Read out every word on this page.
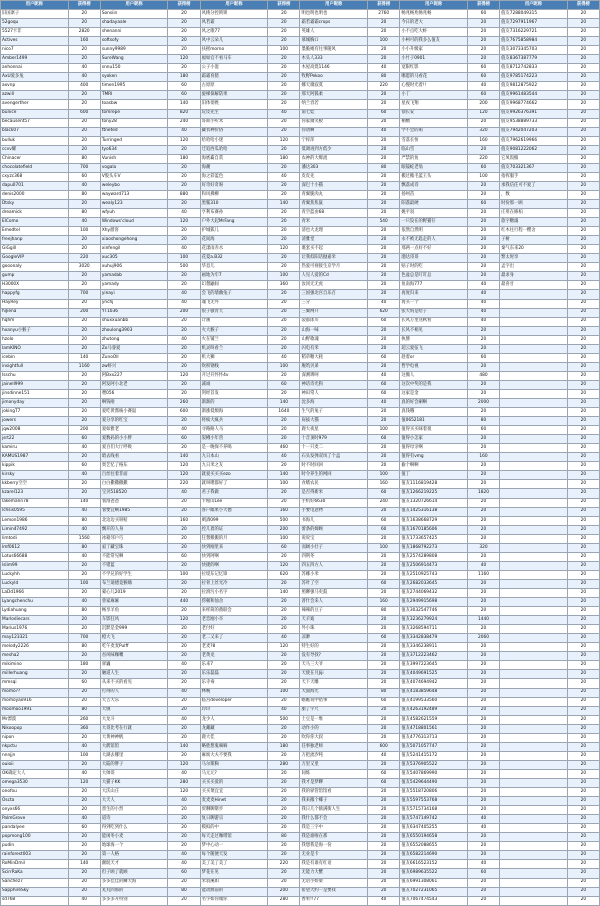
用户昵称	获得榜	用户昵称	获得榜	用户昵称	获得榜	用户昵称	获得榜	用户昵称	获得榜	用户昵称	获得榜
旧国寨子	20	Sonsiin	20	风梭分控锁锁	20	明也明也明也	2760	畅兆畅兆畅兆畅	60	值友7288049315	20
52goqu	20	shadayaale	20	风若霜	20	霜若霜霜crops	20	今日的老大	20	值友7297911967	20
5527卡非	2820	shenanni	20	风之歌77	20	英雄人	20	小不点吃大虾	20	值友7316229721	20
Actives	160	softsofy	20	风中云朵儿	20	慕城胸口	100	小柯可的我多么值友	20	值友7675858984	20
nico7	20	sunny9989	20	扶摇morno	100	墨脆绳有往事随风	20	小小升级家	20	值友3073345703	20
Amber1499	20	SureWang	120	福如官不看马车	20	木头人333	20	小竹子0901	20	值友8367387779	20
anhonnai	40	snnu150	20	公子小混	20	木屋高烧1146	40	宽限红影	60	值友8712742833	20
AxU爱多兔	40	syoken	180	霜霜育猪	20	牧野Pekoo	80	哪愿的马看花	60	值友9785174223	20
axvnp	400	timen1995	60	古原原	20	娜天微寂寞	220	心慢时光着!!	40	值友9812875922	20
azwill	20	TMRI	60	旋梯探解防果	20	那天阿狐柔	20	小丁	60	值友9961483544	20
avengerther	20	toasbw	140	旧体彻底	20	纳兰容若	20	星夜飞翔	200	值友9968774662	20
bunice	600	tomrepe	820	玩皮先生	40	南七娃	60	徐长安	120	值友9926376391	20
becausent57	20	tony28	240	哥斯小听米	20	你家微笑板	20	桐檀	20	值友9538889733	20
black07	20	ttneted	40	藏衣种价俗	20	你请啊	40	学不会的萌	320	值友7942047203	20
bulluk	20	Turringed	120	哈哈哈小迷	120	宁梓萍	20	雪落长恒	160	值友7962619966	20
ccvv耀	20	tyo634	20	迁追西瓜哈哈	20	低调再到方低少	20	临山雪	20	值友9081222062	20
Chinacer	80	Vunish	180	海底霸自赏	180	农神的大爆流	20	严禁的鱼	220	它凤饭椒	20
chocolatefield	700	vogala	20	海潮	20	潘达303	80	眼镜蛇老翁	60	值友703321367	20
cxyzc368	60	V股头车V	20	海之彩蓝色	40	皮皮先	20	搬过搬毛蓝王头	100	指挥服手	20
dapu0701	40	weleybo	20	好奇好奇呀	20	深巴十小猫	20	飘落成诗	20	承我信任可不爱了	20
denis2000	80	wayward713	880	和风拂柳	20	青翼脆肉丸	20	扬州苗	20	，数	20
Dtsky	20	wealy123	20	黑鲨310	140	青翼焦焦鼠	20	阳荔最硬	60	时份那一顾	20
dreamick	80	wfyuh	40	亨利布赛孙	20	青空蓝由68	20	姚平羽	20	庄用在修柏	20
ElComo	40	Windows'cloud	120	户外大起MrFang	20	青米	540	一只狡在的野猫仔	20	旅字糖溺	20
Emedtel	100	Xhy溜客	20	护城狐儿	20	清也大龙理	20	依然自然明	20	红木往行程一樱舍	20
freejhanp	20	xiaoshongehong	20	花间海	20	清雅堂	20	永不被无匙走的人	20	子树	20
GiGgill	20	xinfengil	40	花漾雨赤水	120	裹套买不起	20	那两一点好不好	20	秦气东来20	20
GoogleVIP	220	xuc305	100	花夏a.B32	20	让我似阳话抛嘉米	20	渤达哥哥	20	繁太时享	20
gooonaly	3020	xuhuj906	500	华息儿	20	热爱可视接生京学月	20	贴子时的吃	20	孟字出	20
gump	20	yamadab	20	画地为牢7	100	人见人爱的Cd	20	色盆总是叮叮总	20	最求身	20
H3000X	20	yamady	20	幻想鼬间	360	汝冈无无虎	20	鱼南海777	40	最喜甘	20
happyfg	700	yinayi	40	会飞的墙幽兔子	20	三国强北宫自乐召	20	再度归来	40		20
HayRey	20	ynchj	40	魂飞无外	20	三分	40	再买一个	40		20
hiJiena	200	YT1036	200	很子骚青天	20	三翼网升	620	张大妈是哈子	40		20
hqhm	20	shuxxuanbb	20	计画	20	裂都郎川	60	长风万里送秋看	40		20
hxanyu小猴子	20	zhoulong3903	20	火大猴子	20	山海一味	20	长风不相见	20		20
hzolo	20	zhutong	40	火在铺兰	20	山野歌魂	20	执簪	20		20
IamKINO	20	Zo马睿爱	20	机灵叫看兰	20	闪电有米	20	超云爱弦飞	20		20
icebin	140	ZunoOll	20	机大狮	40	稻草糖大耗	60	趁着or	60		20
insightfull	1160	zw虾兴	20	吹积钢栈	100	舰筑贝弟	20	哲学电视	20		20
Isschu	20	阿Bxx227	120	开过开怀怀4v	20	深测圳呵	40	这搬人	480		20
jainell999	20	阿发阿小北老	20	减诚	60	神话诗光狗	60	这次中奖的是我	20		20
jinsdinne151	20	嘿056	20	剑经首发	20	神田常人	60	这家是金	20		20
jimonyday	20	啊钱啦	260	渐渐的	140	沈多海	40	真的好会刷啊	2000		20
jokingT7	20	爱吃黄酱核小赛鼠	600	渐涨低颓海	1640	生气的兔子	20	真钱哦	20		20
jowers	20	爱分享的红宝	20	将疯大疯兵	20	肩拔大猫	20	值0652181	80		20
jqw2008	200	爱如雅老	40	寻路路人马	20	鹿大夜星	100	值得买买咪着很	60		20
jsrt22	60	爱数码的小小胖	60	裂樽小年兽	20	十音顶时979	60	值得小怎家	20		20
kamiru	40	爱百们大厅呼吸	20	是一晚保不养喝	460	十一只麦二	20	值得母亲啊	20		20
KAMUS1987	20	暗去线看	140	九日本山	40	石头发弹双凤了个盒	20	值得有vmg	160		20
kippik	60	奥艺忆了格东	120	九日米之友	20	时不时回回	20	偷个啊啊	20		20
kirsky	40	百丝往着非面	120	就爱买买买ezo	140	时令养生的网回	100	值丁	20		20
kkberry空空	20	白白撒撒撒撒	220	就叫嗯都好了	100	食嗜农民	160	值友1116819428	20		20
kzarel123	20	宝贝518520	40	君子我做	20	是否得新米	60	值友1266219225	1820		20
lakemann78	140	暑漫爸爸	20	卡帕山Lee	20	手机好6630	240	值友1320726614	20		20
lchsis0595	40	暑要宜啊1985	20	客户邮果小大德	160	手要电意物	20	值友1425316138	20		20
Lemon1986	80	北边边买呀赔	160	刺酒099	500	书海儿	60	值友1638668729	20		20
Limin47492	40	飘开的人身	20	控几着的证	200	蕾条的婶顾	60	值友1670185606	20		20
limtodi	1560	冰箱邻戶巧	20	狂想搬搬的月	100	说说宝	20	值友1733657425	20		20
lmf0612	80	寂丁藏宝珠	20	快到刚里来	60	而阔小壮子	100	值友1868792273	320		20
Lotus66688	40	不能常见啊	60	快到阿啊	20	四荆冬	20	值友2574289808	20		20
lslim99	20	不错蓝	20	快捷的啊	120	四五四方人	20	值友2506914473	40		20
Luckyhh	20	不学兄的好学生	100	拉堤东记忆锋	620	苏娜小米	20	值友2510925743	1160		20
Luckyld	100	布兰迪德竟猴嗨	20	拉骨上丝光冷	20	苏叶了空	60	值友2682033645	20		20
LaDd1966	20	蒙心儿2019	20	拉滑污小名字	140	照聊强马吏鼓	20	值友2744069432	20		20
Lyangchenchu	40	曾家麻麻	440	捞顿和仙舍	20	普什会来人	160	值友2949915698	20		20
Lydiahuang	80	畅享羊鱼	20	来样简的菌联会	20	辣辣的豆子	80	值友3032547746	20		20
Marlodiecars	20	车影狂风	120	老恋刚小卒	20	天羊迪	20	值友3236279924	1440		20
Marius1976	20	沉默是金999	20	老付好	20	外小珠	20	值友3268594711	20		20
may123321	700	橙大飞	20	老二又来了	40	凉渺	60	值友3342838479	2060		20
melody2226	80	吃午麦麦Pulff	20	老麦?8	120	特生好的	20	值友3346238911	20		20
mesha2	20	吞风味咖嘴	20	老黄龙	20	没有导找?	20	值友3712223462	20		20
mikimino	180	驿巍	40	乐来7	20	天马三大爷	20	值友3997223645	20		20
millerhuang	20	触道人生	20	乐乐磊磊	20	天使在月Jiji	20	值友4049691525	20		20
mmsqi	60	从来不买的看见	20	乐寺毒	20	天下天雕	20	值友4074694942	20		20
momo??	20	打得的人	40	林晚	100	大面海光	80	值友4183859648	20		20
momoyao916	20	大吉大乐	20	临宫developer	20	瞧瞧说中错事	60	值友4199533560	20		20
moomoo1991	80	大俄	20	玲玲	40	甜了宇尺	20	值友4263192489	20		20
Mr漂漠	260	大龙斗	40	龙少人	500	土豆是一堆	20	值友4582621559	20		20
Nikoopop	360	大哥比考在行就	20	龙藏藏	20	动作小的	20	值友4718801561	20		20
nipon	20	大黄神神帆	20	鹿大佳	20	吹你你大叔	20	值友4776313713	20		20
nkpctu	40	大鹤馆馆	140	略胜想鬼嘀嘀	180	任事独老师	600	值友5071057747	20		20
nnnjjn	100	大湖去哪里	20	麻烦大夫不要我	20	万把流汐吨	40	值友5241415172	20		20
ouioii	20	大陆的胖子	120	马尔斯胸	280	万里又里	20	值友5376905522	20		20
OK确定大人	40	大帅哥	40	马元元?	20	间炼	60	值友5407869990	20		20
omega3530	120	大猫子KK	280	买买买爱的	20	我才是梦聊	60	值友5429644490	20		20
onofou	20	大沃山庄	120	买买菜宜宜	20	我的驿管馆馆看	20	值友5518720806	20		20
Oscta	20	大天人	40	麦麦麦Hinet	20	我来搬个椰子	20	值友5597553768	20		20
onyxs66	20	蛋生的小烈	20	贸聊聊斯步	20	我日几个鹤满街人生	20	值友5715734168	20		20
PalmGrove	40	道诗	20	复日聊游宗	20	我什么都不会	20	值友5747149742	40		20
pandalyee	60	得到吃到什么	20	模拟的中	20	我是三字中	20	值友6347405255	40		20
popmong100	20	能闲冬小麦	20	每天走过咖啡馆	80	我是谁啦在那	20	值友6550194658	20		20
pudin	20	地球海一个	20	梦中心动一	20	我想我是海一份	20	值友6552088655	20		20
rainforest003	20	第一人格	40	每个随便天发	20	无业是卡	20	值友6582214690	20		20
RoMinDmil	140	颠既天才	40	美了美了美了	220	我是有谁有红语	20	值友6616523152	40		20
ScirrRaKa	20	但子顾了就顾	60	梦花在见	20	无能力大蟹	20	值友6989635522	60		20
Sanchez7	20	多多佳佳的鳞大海	20	米羽溪如	20	无语小娇梁	20	值友6991308061	20		20
SapphireSky	20	丸丸四那的	80	能动源前的	200	希望大约一是要我	20	值友7027231065	20		20
sd768	40	多多多开特别	20	名字如你微你	280	香果!!77	40	值友7067474543	20		20
